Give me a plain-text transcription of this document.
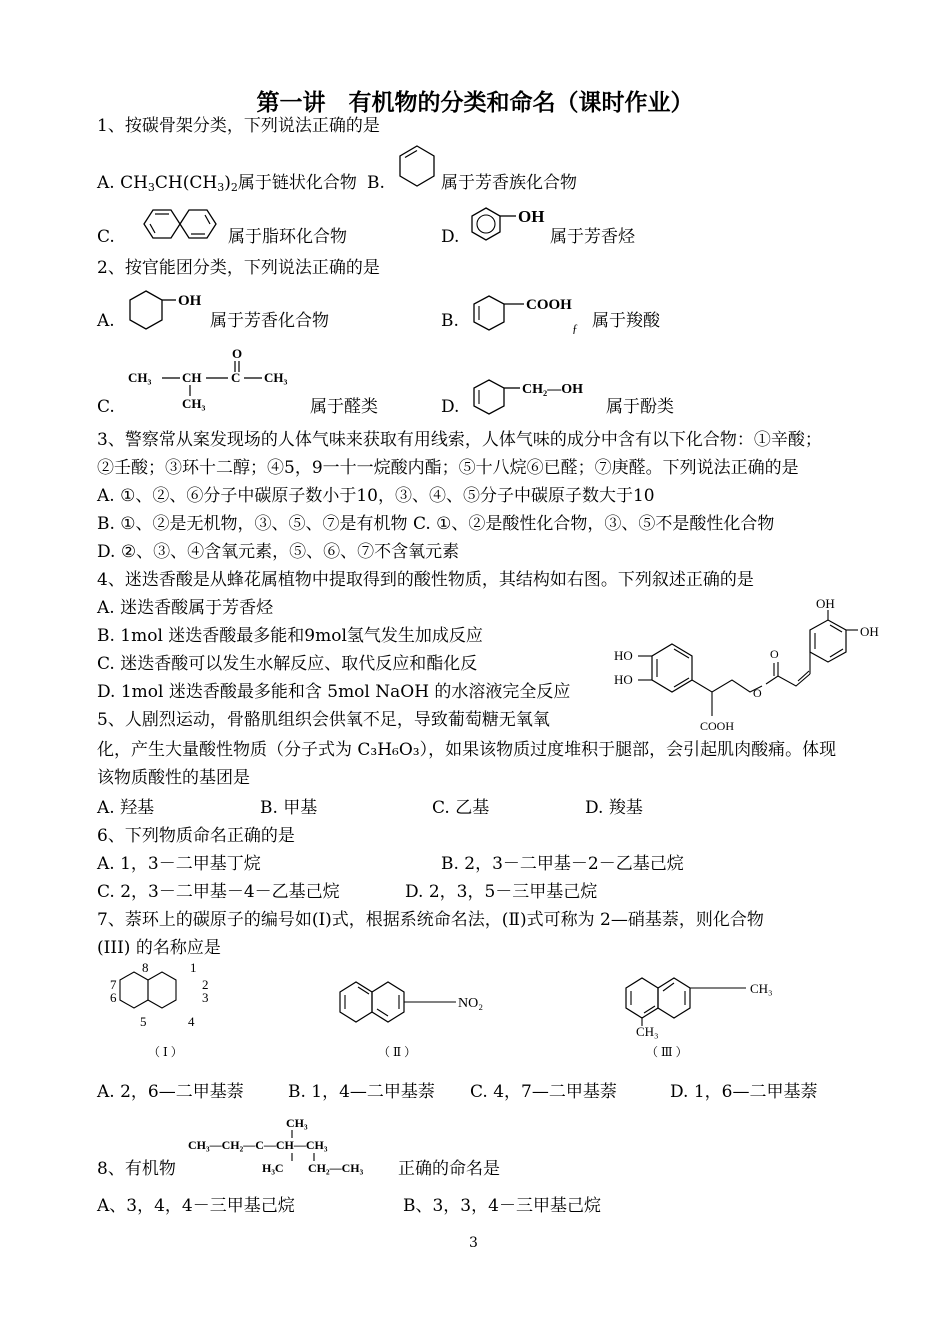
第一讲　有机物的分类和命名（课时作业）
1、按碳骨架分类，下列说法正确的是
A. $CH_3CH(CH_3)_2$属于链状化合物 B.	属于芳香族化合物
C.	属于脂环化合物	D.
OH
属于芳香烃
2、按官能团分类，下列说法正确的是
A.
OH
属于芳香化合物	B.
COOH
ƒ 属于羧酸
C.
O
CH₃ CH C CH₃
CH₃	属于醛类	D.
CH₂—OH
属于酚类
3、警察常从案发现场的人体气味来获取有用线索，人体气味的成分中含有以下化合物：①辛酸；
②壬酸；③环十二醇；④5，9一十一烷酸内酯；⑤十八烷⑥已醛；⑦庚醛。下列说法正确的是
A. ①、②、⑥分子中碳原子数小于10，③、④、⑤分子中碳原子数大于10
B. ①、②是无机物，③、⑤、⑦是有机物 C. ①、②是酸性化合物，③、⑤不是酸性化合物
D. ②、③、④含氧元素，⑤、⑥、⑦不含氧元素
4、迷迭香酸是从蜂花属植物中提取得到的酸性物质，其结构如右图。下列叙述正确的是
A. 迷迭香酸属于芳香烃
B. 1mol 迷迭香酸最多能和9mol氢气发生加成反应
C. 迷迭香酸可以发生水解反应、取代反应和酯化反
D. 1mol 迷迭香酸最多能和含 5mol NaOH 的水溶液完全反应
HO
HO
COOH
O
O
OH
OH
5、人剧烈运动，骨骼肌组织会供氧不足，导致葡萄糖无氧氧
化，产生大量酸性物质（分子式为 C₃H₆O₃），如果该物质过度堆积于腿部，会引起肌肉酸痛。体现
该物质酸性的基团是
A. 羟基	B. 甲基	C. 乙基	D. 羧基
6、下列物质命名正确的是
A. 1，3－二甲基丁烷	B. 2，3－二甲基－2－乙基己烷
C. 2，3－二甲基－4－乙基己烷	D. 2，3，5－三甲基己烷
7、萘环上的碳原子的编号如(Ⅰ)式，根据系统命名法，(Ⅱ)式可称为 2—硝基萘，则化合物
(III) 的名称应是
8	1
7	2
6	3
5	4
（ Ⅰ ）
NO₂
（ Ⅱ ）
CH₃
CH₃
（ Ⅲ ）
A. 2，6—二甲基萘	B. 1，4—二甲基萘 C. 4，7—二甲基萘	D. 1，6—二甲基萘
8、有机物
CH₃
CH₃—CH₂—C—CH—CH₃
H₃C CH₂—CH₃ 正确的命名是
A、3，4，4－三甲基己烷	B、3，3，4－三甲基己烷
3
